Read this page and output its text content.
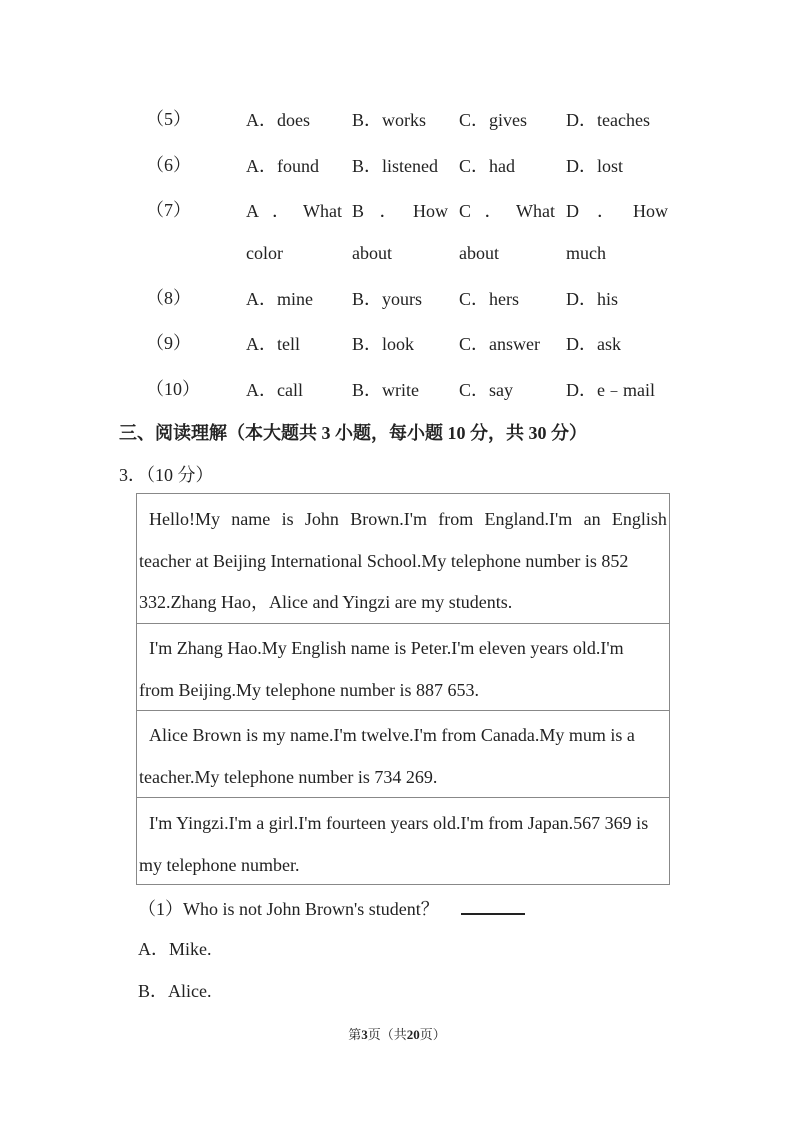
（5）	A．does B．works C．gives D．teaches
（6）	A．found B．listened C．had	D．lost
（7）	A ． What B ． How C ． What D ． How
color	about	about	much
（8）	A．mine B．yours C．hers	D．his
（9）	A．tell	B．look C．answer D．ask
（10）	A．call	B．write C．say	D．e﹣mail
三、阅读理解（本大题共 3 小题，每小题 10 分，共 30 分）
3．（10 分）
Hello!My name is John Brown.I'm from England.I'm an English
teacher at Beijing International School.My telephone number is 852
332.Zhang Hao，Alice and Yingzi are my students.
I'm Zhang Hao.My English name is Peter.I'm eleven years old.I'm
from Beijing.My telephone number is 887 653.
Alice Brown is my name.I'm twelve.I'm from Canada.My mum is a
teacher.My telephone number is 734 269.
I'm Yingzi.I'm a girl.I'm fourteen years old.I'm from Japan.567 369 is
my telephone number.
（1）Who is not John Brown's student？
A．Mike.
B．Alice.
第3页（共20页）
